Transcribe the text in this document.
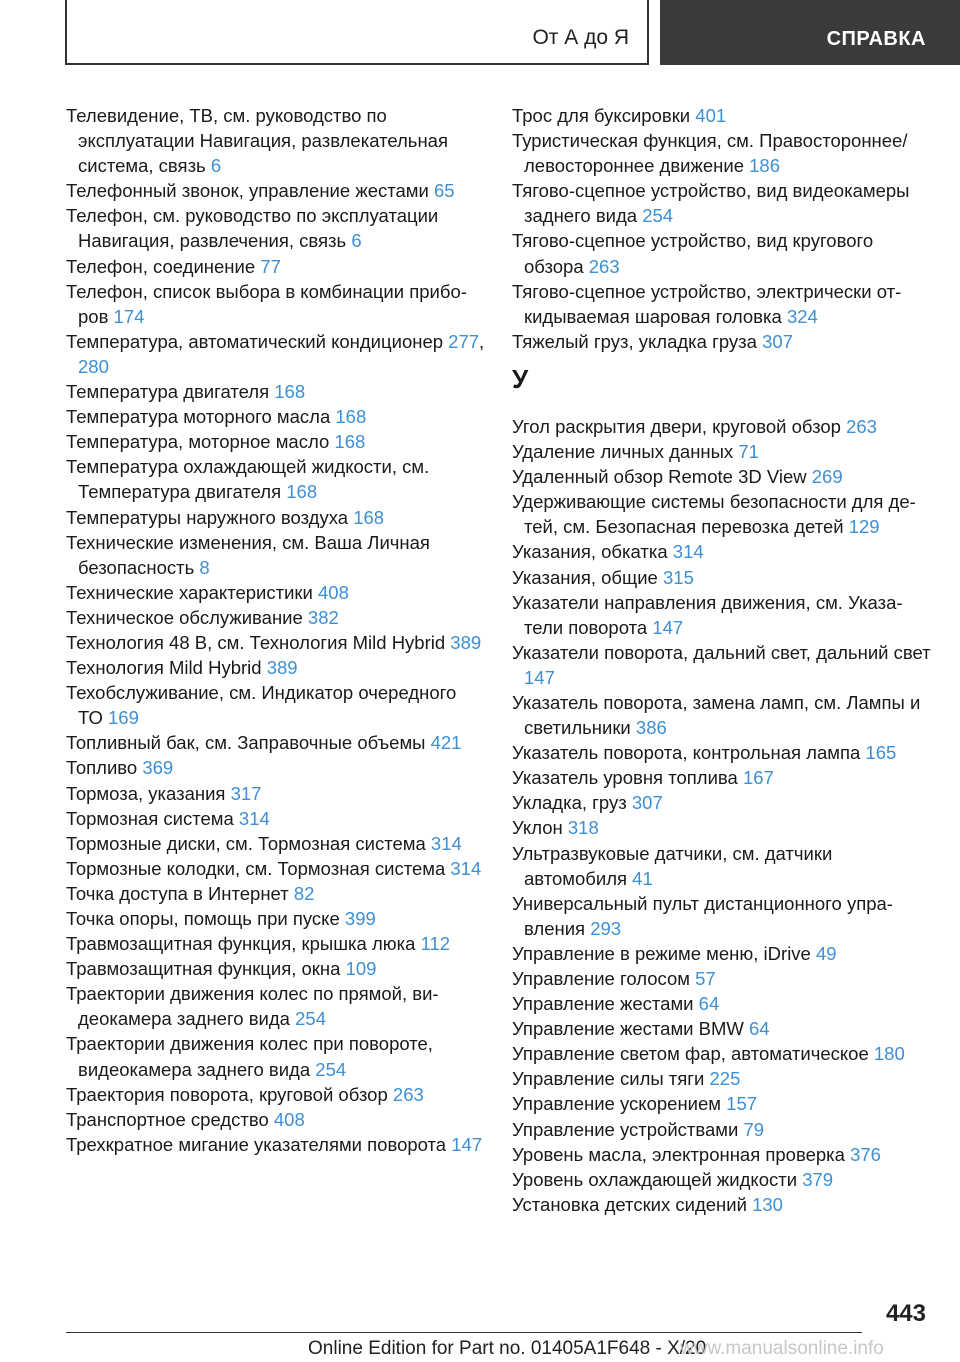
От А до Я	СПРАВКА
Телевидение, ТВ, см. руководство по эксплуатации Навигация, развлекательная система, связь 6
Телефонный звонок, управление жестами 65
Телефон, см. руководство по эксплуатации Навигация, развлечения, связь 6
Телефон, соединение 77
Телефон, список выбора в комбинации приборов 174
Температура, автоматический кондиционер 277, 280
Температура двигателя 168
Температура моторного масла 168
Температура, моторное масло 168
Температура охлаждающей жидкости, см. Температура двигателя 168
Температуры наружного воздуха 168
Технические изменения, см. Ваша Личная безопасность 8
Технические характеристики 408
Техническое обслуживание 382
Технология 48 В, см. Технология Mild Hybrid 389
Технология Mild Hybrid 389
Техобслуживание, см. Индикатор очередного ТО 169
Топливный бак, см. Заправочные объемы 421
Топливо 369
Тормоза, указания 317
Тормозная система 314
Тормозные диски, см. Тормозная система 314
Тормозные колодки, см. Тормозная система 314
Точка доступа в Интернет 82
Точка опоры, помощь при пуске 399
Травмозащитная функция, крышка люка 112
Травмозащитная функция, окна 109
Траектории движения колес по прямой, видеокамера заднего вида 254
Траектории движения колес при повороте, видеокамера заднего вида 254
Траектория поворота, круговой обзор 263
Транспортное средство 408
Трехкратное мигание указателями поворота 147
Трос для буксировки 401
Туристическая функция, см. Правостороннее/ левостороннее движение 186
Тягово-сцепное устройство, вид видеокамеры заднего вида 254
Тягово-сцепное устройство, вид кругового обзора 263
Тягово-сцепное устройство, электрически откидываемая шаровая головка 324
Тяжелый груз, укладка груза 307
У
Угол раскрытия двери, круговой обзор 263
Удаление личных данных 71
Удаленный обзор Remote 3D View 269
Удерживающие системы безопасности для детей, см. Безопасная перевозка детей 129
Указания, обкатка 314
Указания, общие 315
Указатели направления движения, см. Указатели поворота 147
Указатели поворота, дальний свет, дальний свет 147
Указатель поворота, замена ламп, см. Лампы и светильники 386
Указатель поворота, контрольная лампа 165
Указатель уровня топлива 167
Укладка, груз 307
Уклон 318
Ультразвуковые датчики, см. датчики автомобиля 41
Универсальный пульт дистанционного управления 293
Управление в режиме меню, iDrive 49
Управление голосом 57
Управление жестами 64
Управление жестами BMW 64
Управление светом фар, автоматическое 180
Управление силы тяги 225
Управление ускорением 157
Управление устройствами 79
Уровень масла, электронная проверка 376
Уровень охлаждающей жидкости 379
Установка детских сидений 130
443
Online Edition for Part no. 01405A1F648 - X/20
www.manualsonline.info
